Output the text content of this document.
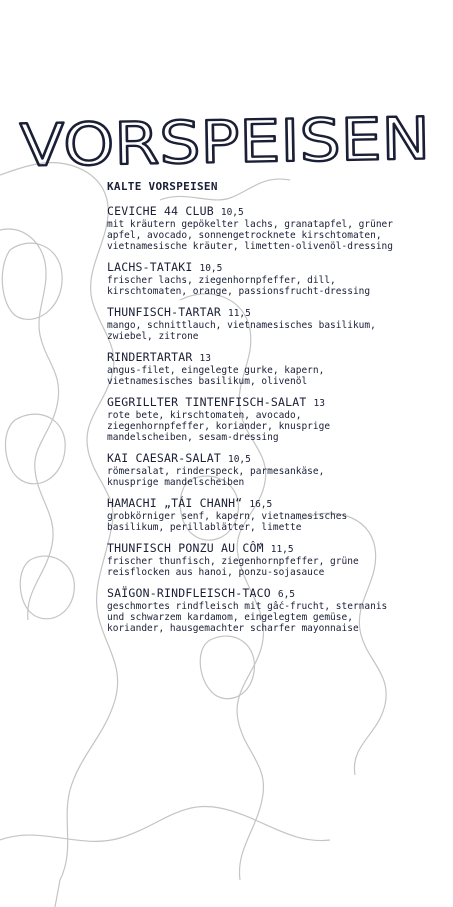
VORSPEISEN
KALTE VORSPEISEN
CEVICHE 44 CLUB 10,5
mit kräutern gepökelter lachs, granatapfel, grüner
apfel, avocado, sonnengetrocknete kirschtomaten,
vietnamesische kräuter, limetten-olivenöl-dressing
LACHS-TATAKI 10,5
frischer lachs, ziegenhornpfeffer, dill,
kirschtomaten, orange, passionsfrucht-dressing
THUNFISCH-TARTAR 11,5
mango, schnittlauch, vietnamesisches basilikum,
zwiebel, zitrone
RINDERTARTAR 13
angus-filet, eingelegte gurke, kapern,
vietnamesisches basilikum, olivenöl
GEGRILLTER TINTENFISCH-SALAT 13
rote bete, kirschtomaten, avocado,
ziegenhornpfeffer, koriander, knusprige
mandelscheiben, sesam-dressing
KAI CAESAR-SALAT 10,5
römersalat, rinderspeck, parmesankäse,
knusprige mandelscheiben
HAMACHI „TÁI CHANH“ 16,5
grobkörniger senf, kapern, vietnamesisches
basilikum, perillablätter, limette
THUNFISCH PONZU AU CỐM 11,5
frischer thunfisch, ziegenhornpfeffer, grüne
reisflocken aus hanoi, ponzu-sojasauce
SAÏGON-RINDFLEISCH-TACO 6,5
geschmortes rindfleisch mit gấc-frucht, sternanis
und schwarzem kardamom, eingelegtem gemüse,
koriander, hausgemachter scharfer mayonnaise
